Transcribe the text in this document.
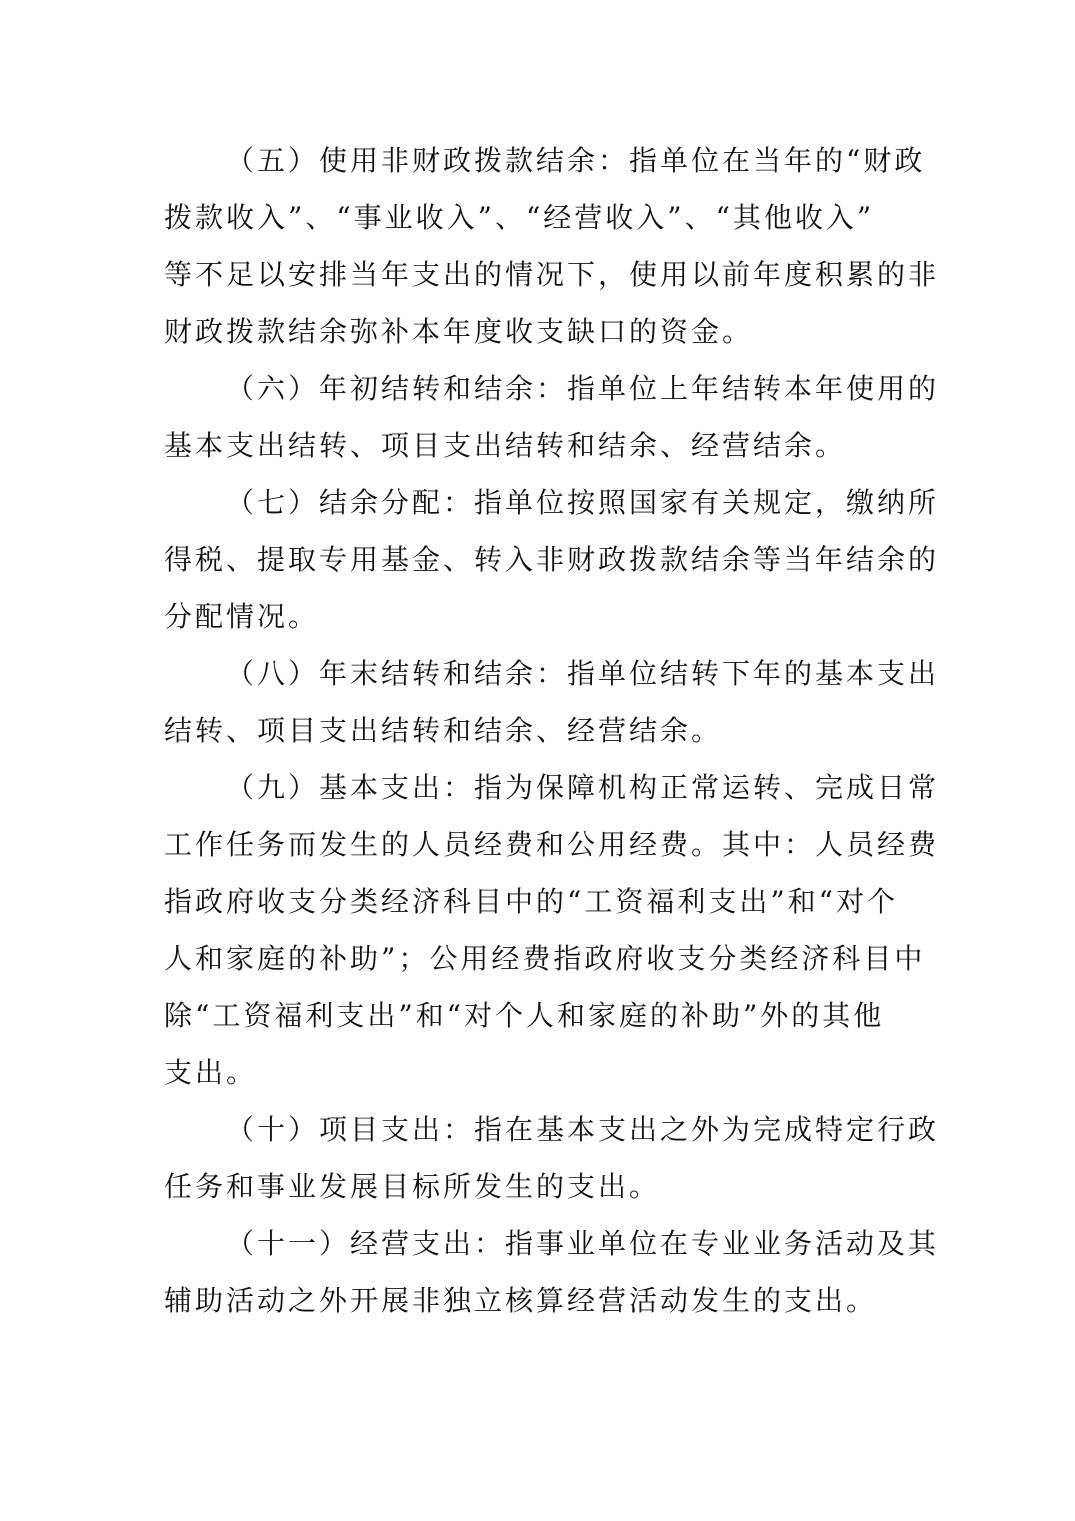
（五）使用非财政拨款结余：指单位在当年的“财政
拨款收入”、“事业收入”、“经营收入”、“其他收入”
等不足以安排当年支出的情况下，使用以前年度积累的非
财政拨款结余弥补本年度收支缺口的资金。
（六）年初结转和结余：指单位上年结转本年使用的
基本支出结转、项目支出结转和结余、经营结余。
（七）结余分配：指单位按照国家有关规定，缴纳所
得税、提取专用基金、转入非财政拨款结余等当年结余的
分配情况。
（八）年末结转和结余：指单位结转下年的基本支出
结转、项目支出结转和结余、经营结余。
（九）基本支出：指为保障机构正常运转、完成日常
工作任务而发生的人员经费和公用经费。其中：人员经费
指政府收支分类经济科目中的“工资福利支出”和“对个
人和家庭的补助”；公用经费指政府收支分类经济科目中
除“工资福利支出”和“对个人和家庭的补助”外的其他
支出。
（十）项目支出：指在基本支出之外为完成特定行政
任务和事业发展目标所发生的支出。
（十一）经营支出：指事业单位在专业业务活动及其
辅助活动之外开展非独立核算经营活动发生的支出。
